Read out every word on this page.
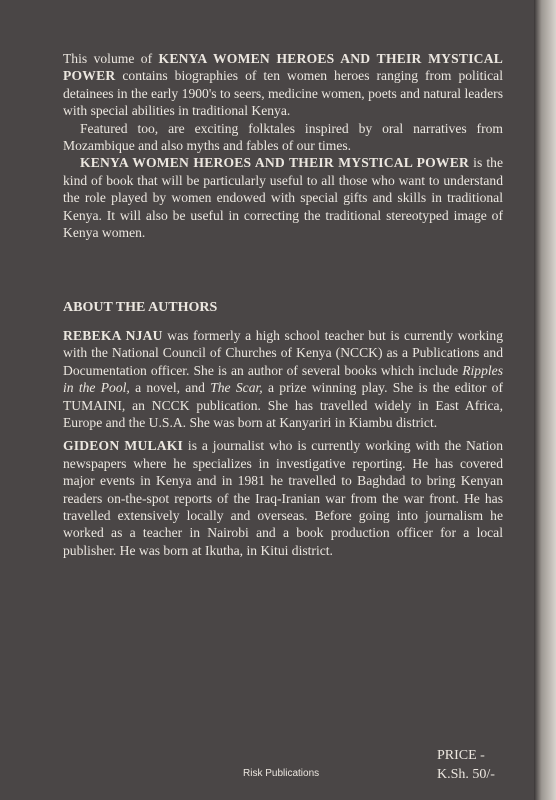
This volume of KENYA WOMEN HEROES AND THEIR MYSTICAL POWER contains biographies of ten women heroes ranging from political detainees in the early 1900's to seers, medicine women, poets and natural leaders with special abilities in traditional Kenya.

Featured too, are exciting folktales inspired by oral narratives from Mozambique and also myths and fables of our times.

KENYA WOMEN HEROES AND THEIR MYSTICAL POWER is the kind of book that will be particularly useful to all those who want to understand the role played by women endowed with special gifts and skills in traditional Kenya. It will also be useful in correcting the traditional stereotyped image of Kenya women.

ABOUT THE AUTHORS

REBEKA NJAU was formerly a high school teacher but is currently working with the National Council of Churches of Kenya (NCCK) as a Publications and Documentation officer. She is an author of several books which include Ripples in the Pool, a novel, and The Scar, a prize winning play. She is the editor of TUMAINI, an NCCK publication. She has travelled widely in East Africa, Europe and the U.S.A. She was born at Kanyariri in Kiambu district.

GIDEON MULAKI is a journalist who is currently working with the Nation newspapers where he specializes in investigative reporting. He has covered major events in Kenya and in 1981 he travelled to Baghdad to bring Kenyan readers on-the-spot reports of the Iraq-Iranian war from the war front. He has travelled extensively locally and overseas. Before going into journalism he worked as a teacher in Nairobi and a book production officer for a local publisher. He was born at Ikutha, in Kitui district.

Risk Publications
PRICE -
K.Sh. 50/-
